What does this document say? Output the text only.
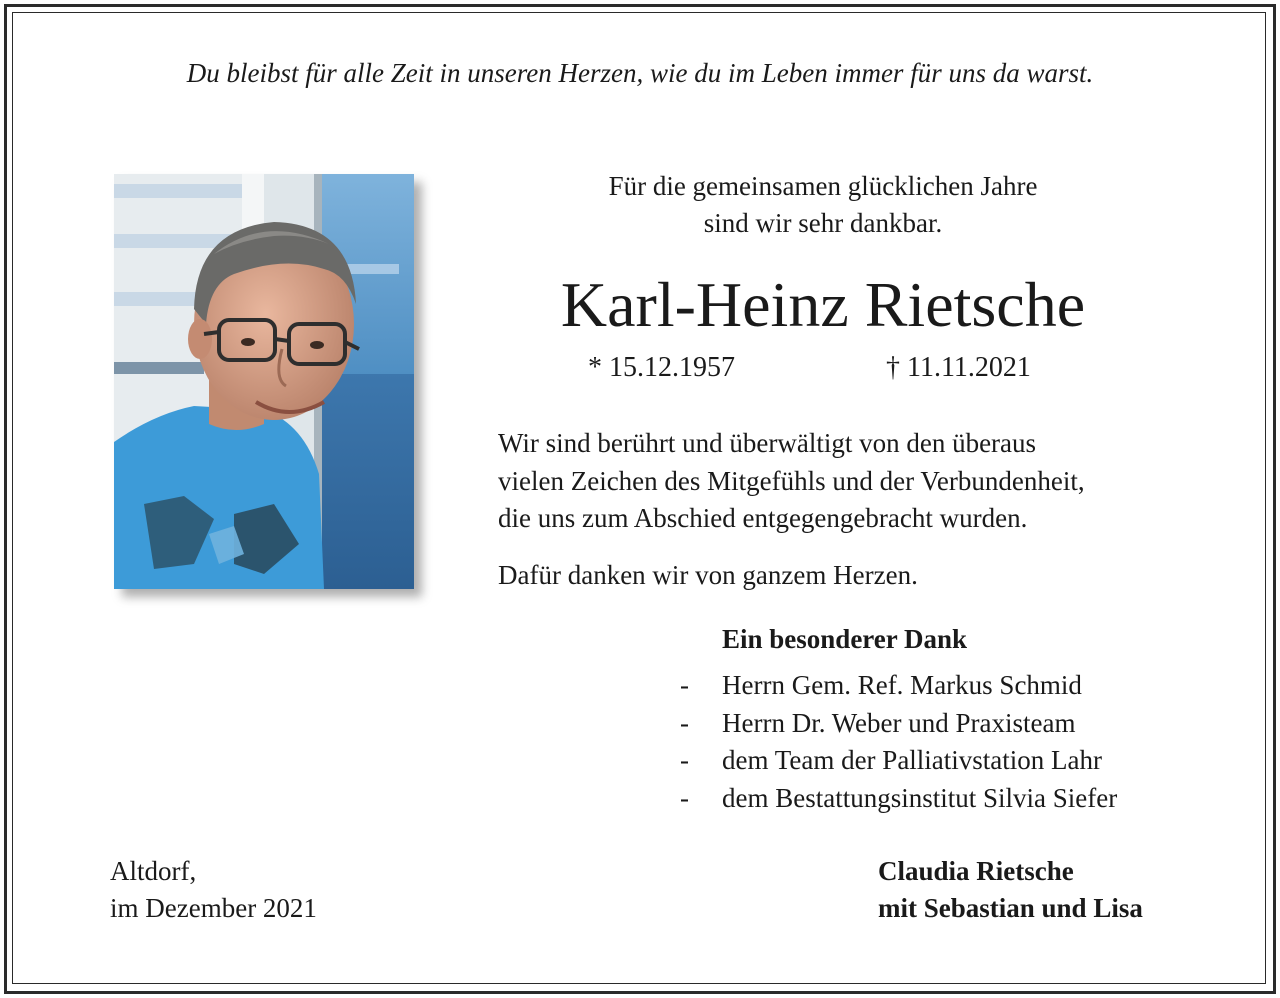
Du bleibst für alle Zeit in unseren Herzen, wie du im Leben immer für uns da warst.
Für die gemeinsamen glücklichen Jahre
sind wir sehr dankbar.
Karl-Heinz Rietsche
* 15.12.1957	† 11.11.2021
Wir sind berührt und überwältigt von den überaus
vielen Zeichen des Mitgefühls und der Verbundenheit,
die uns zum Abschied entgegengebracht wurden.
Dafür danken wir von ganzem Herzen.
Ein besonderer Dank
- Herrn Gem. Ref. Markus Schmid
- Herrn Dr. Weber und Praxisteam
- dem Team der Palliativstation Lahr
- dem Bestattungsinstitut Silvia Siefer
Altdorf,
im Dezember 2021
Claudia Rietsche
mit Sebastian und Lisa
